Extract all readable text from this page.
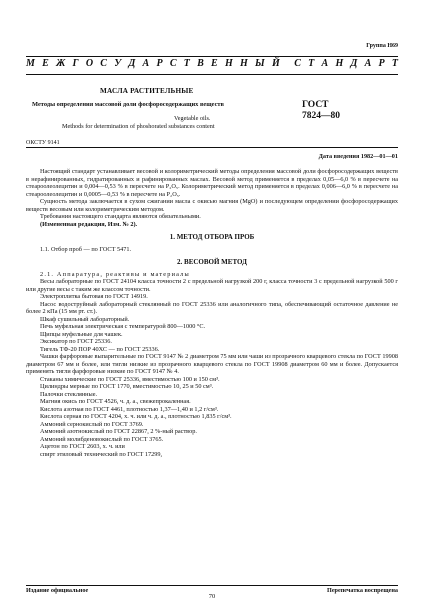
Группа Н69
М Е Ж Г О С У Д А Р С Т В Е Н Н Ы Й С Т А Н Д А Р Т
МАСЛА РАСТИТЕЛЬНЫЕ
Методы определения массовой доли фосфоросодержащих веществ
Vegetable oils.
Methods for determination of phoshorated substances content
ГОСТ
7824—80
ОКСТУ 9141
Дата введения 1982—01—01

Настоящий стандарт устанавливает весовой и колориметрический методы определения массовой доли фосфоросодержащих веществ в нерафинированных, гидратированных и рафинированных маслах. Весовой метод применяется в пределах 0,05—6,0 % в пересчете на стеароолеолецитин и 0,004—0,53 % в пересчете на P₂O₅. Колориметрический метод применяется в пределах 0,006—6,0 % в пересчете на стеароолеолецитин и 0,0005—0,53 % в пересчете на P₂O₅.

Сущность метода заключается в сухом сжигании масла с окисью магния (MgO) и последующем определении фосфоросодержащих веществ весовым или колориметрическим методом.

Требования настоящего стандарта являются обязательными.

(Измененная редакция, Изм. № 2).

1. МЕТОД ОТБОРА ПРОБ

1.1. Отбор проб — по ГОСТ 5471.

2. ВЕСОВОЙ МЕТОД

2.1. Аппаратура, реактивы и материалы

Весы лабораторные по ГОСТ 24104 класса точности 2 с предельной нагрузкой 200 г, класса точности 3 с предельной нагрузкой 500 г или другие весы с таким же классом точности.

Электроплитка бытовая по ГОСТ 14919.

Насос водоструйный лабораторный стеклянный по ГОСТ 25336 или аналогичного типа, обеспечивающий остаточное давление не более 2 кПа (15 мм рт. ст.).

Шкаф сушильный лабораторный.

Печь муфельная электрическая с температурой 800—1000 °С.

Щипцы муфельные для чашек.

Эксикатор по ГОСТ 25336.

Тигель ТФ-20 ПОР 40ХС — по ГОСТ 25336.

Чашки фарфоровые выпарительные по ГОСТ 9147 № 2 диаметром 75 мм или чаши из прозрачного кварцевого стекла по ГОСТ 19908 диаметром 67 мм и более, или тигли низкие из прозрачного кварцевого стекла по ГОСТ 19908 диаметром 60 мм и более. Допускается применять тигли фарфоровые низкие по ГОСТ 9147 № 4.

Стаканы химические по ГОСТ 25336, вместимостью 100 и 150 см³.

Цилиндры мерные по ГОСТ 1770, вместимостью 10, 25 и 50 см³.

Палочки стеклянные.

Магния окись по ГОСТ 4526, ч. д. а., свежепрокаленная.

Кислота азотная по ГОСТ 4461, плотностью 1,37—1,40 и 1,2 г/см³.

Кислота серная по ГОСТ 4204, х. ч. или ч. д. а., плотностью 1,835 г/см³.

Аммоний сернокислый по ГОСТ 3769.

Аммоний азотнокислый по ГОСТ 22867, 2 %-ный раствор.

Аммоний молибденовокислый по ГОСТ 3765.

Ацетон по ГОСТ 2603, х. ч. или

спирт этиловый технический по ГОСТ 17299,

Издание официальное	Перепечатка воспрещена
70
